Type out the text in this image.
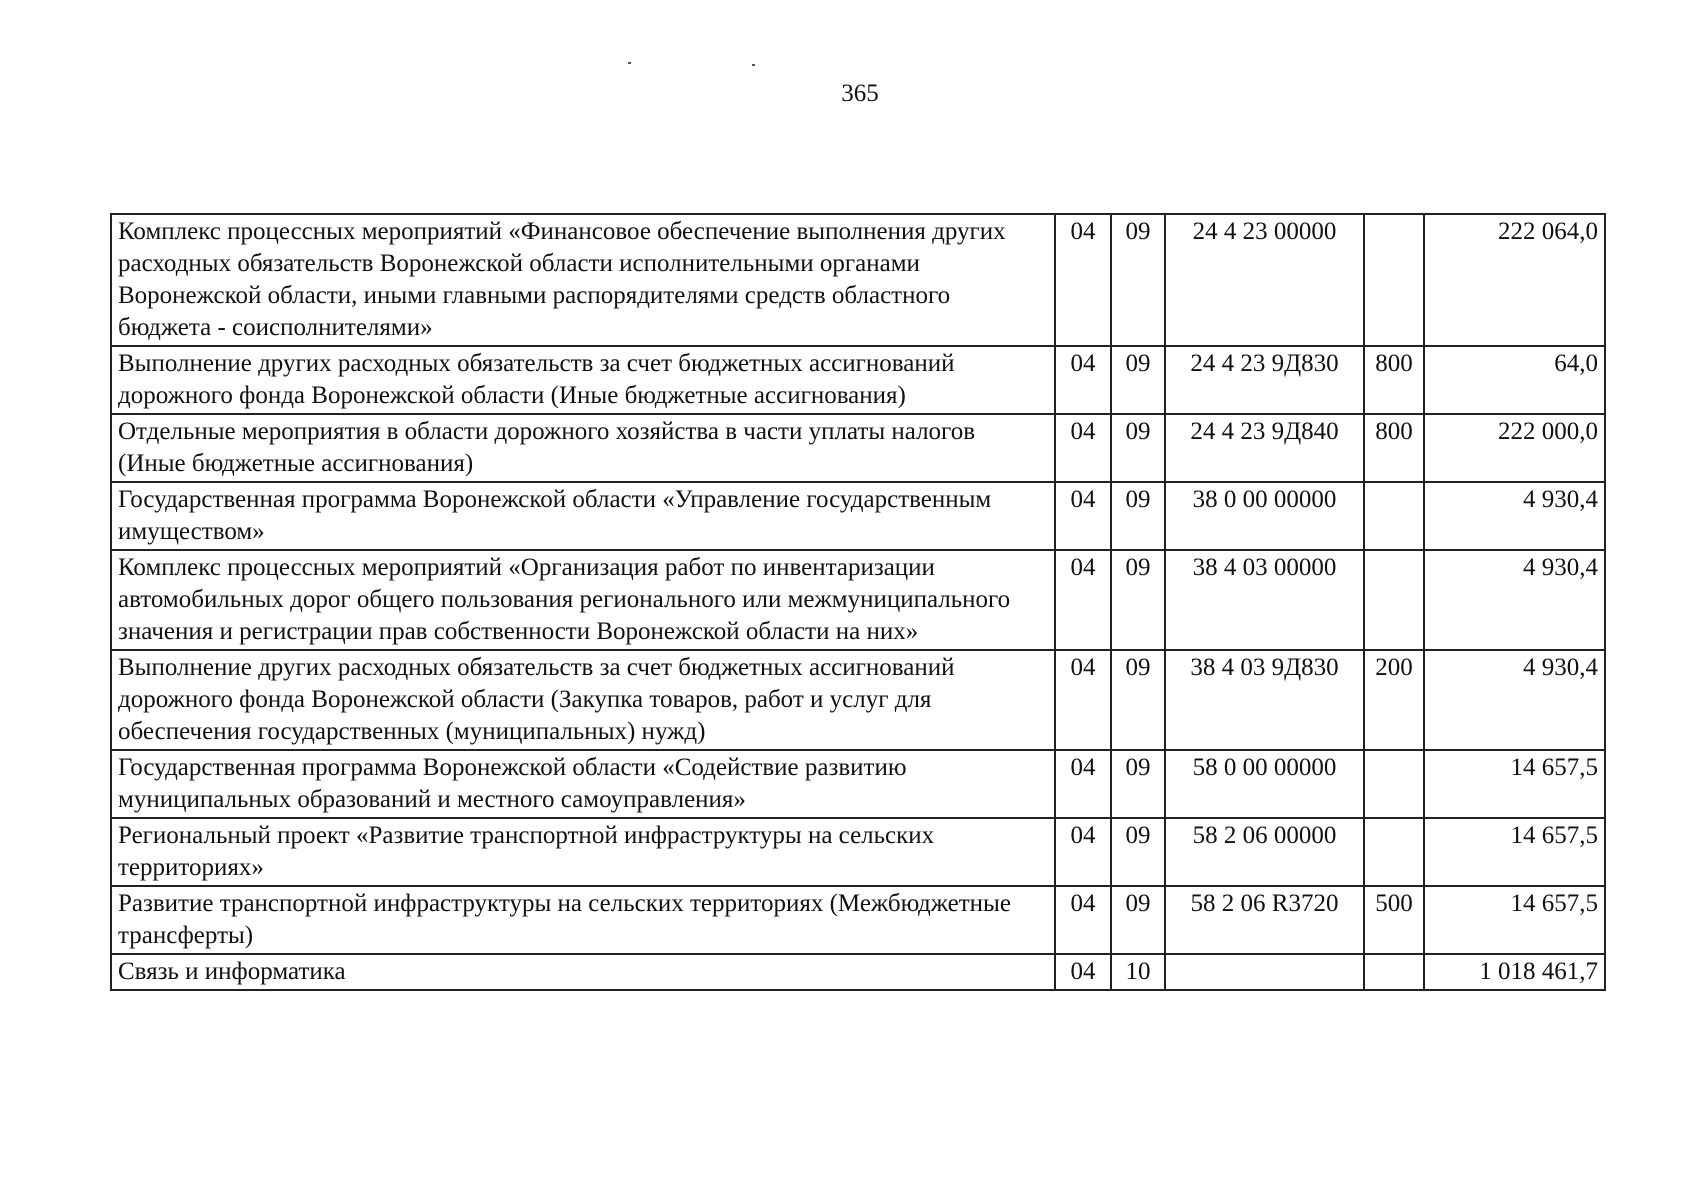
365
Комплекс процессных мероприятий «Финансовое обеспечение выполнения других расходных обязательств Воронежской области исполнительными органами Воронежской области, иными главными распорядителями средств областного бюджета - соисполнителями»	04	09	24 4 23 00000		222 064,0
Выполнение других расходных обязательств за счет бюджетных ассигнований дорожного фонда Воронежской области (Иные бюджетные ассигнования)	04	09	24 4 23 9Д830	800	64,0
Отдельные мероприятия в области дорожного хозяйства в части уплаты налогов (Иные бюджетные ассигнования)	04	09	24 4 23 9Д840	800	222 000,0
Государственная программа Воронежской области «Управление государственным имуществом»	04	09	38 0 00 00000		4 930,4
Комплекс процессных мероприятий «Организация работ по инвентаризации автомобильных дорог общего пользования регионального или межмуниципального значения и регистрации прав собственности Воронежской области на них»	04	09	38 4 03 00000		4 930,4
Выполнение других расходных обязательств за счет бюджетных ассигнований дорожного фонда Воронежской области (Закупка товаров, работ и услуг для обеспечения государственных (муниципальных) нужд)	04	09	38 4 03 9Д830	200	4 930,4
Государственная программа Воронежской области «Содействие развитию муниципальных образований и местного самоуправления»	04	09	58 0 00 00000		14 657,5
Региональный проект «Развитие транспортной инфраструктуры на сельских территориях»	04	09	58 2 06 00000		14 657,5
Развитие транспортной инфраструктуры на сельских территориях (Межбюджетные трансферты)	04	09	58 2 06 R3720	500	14 657,5
Связь и информатика	04	10			1 018 461,7
